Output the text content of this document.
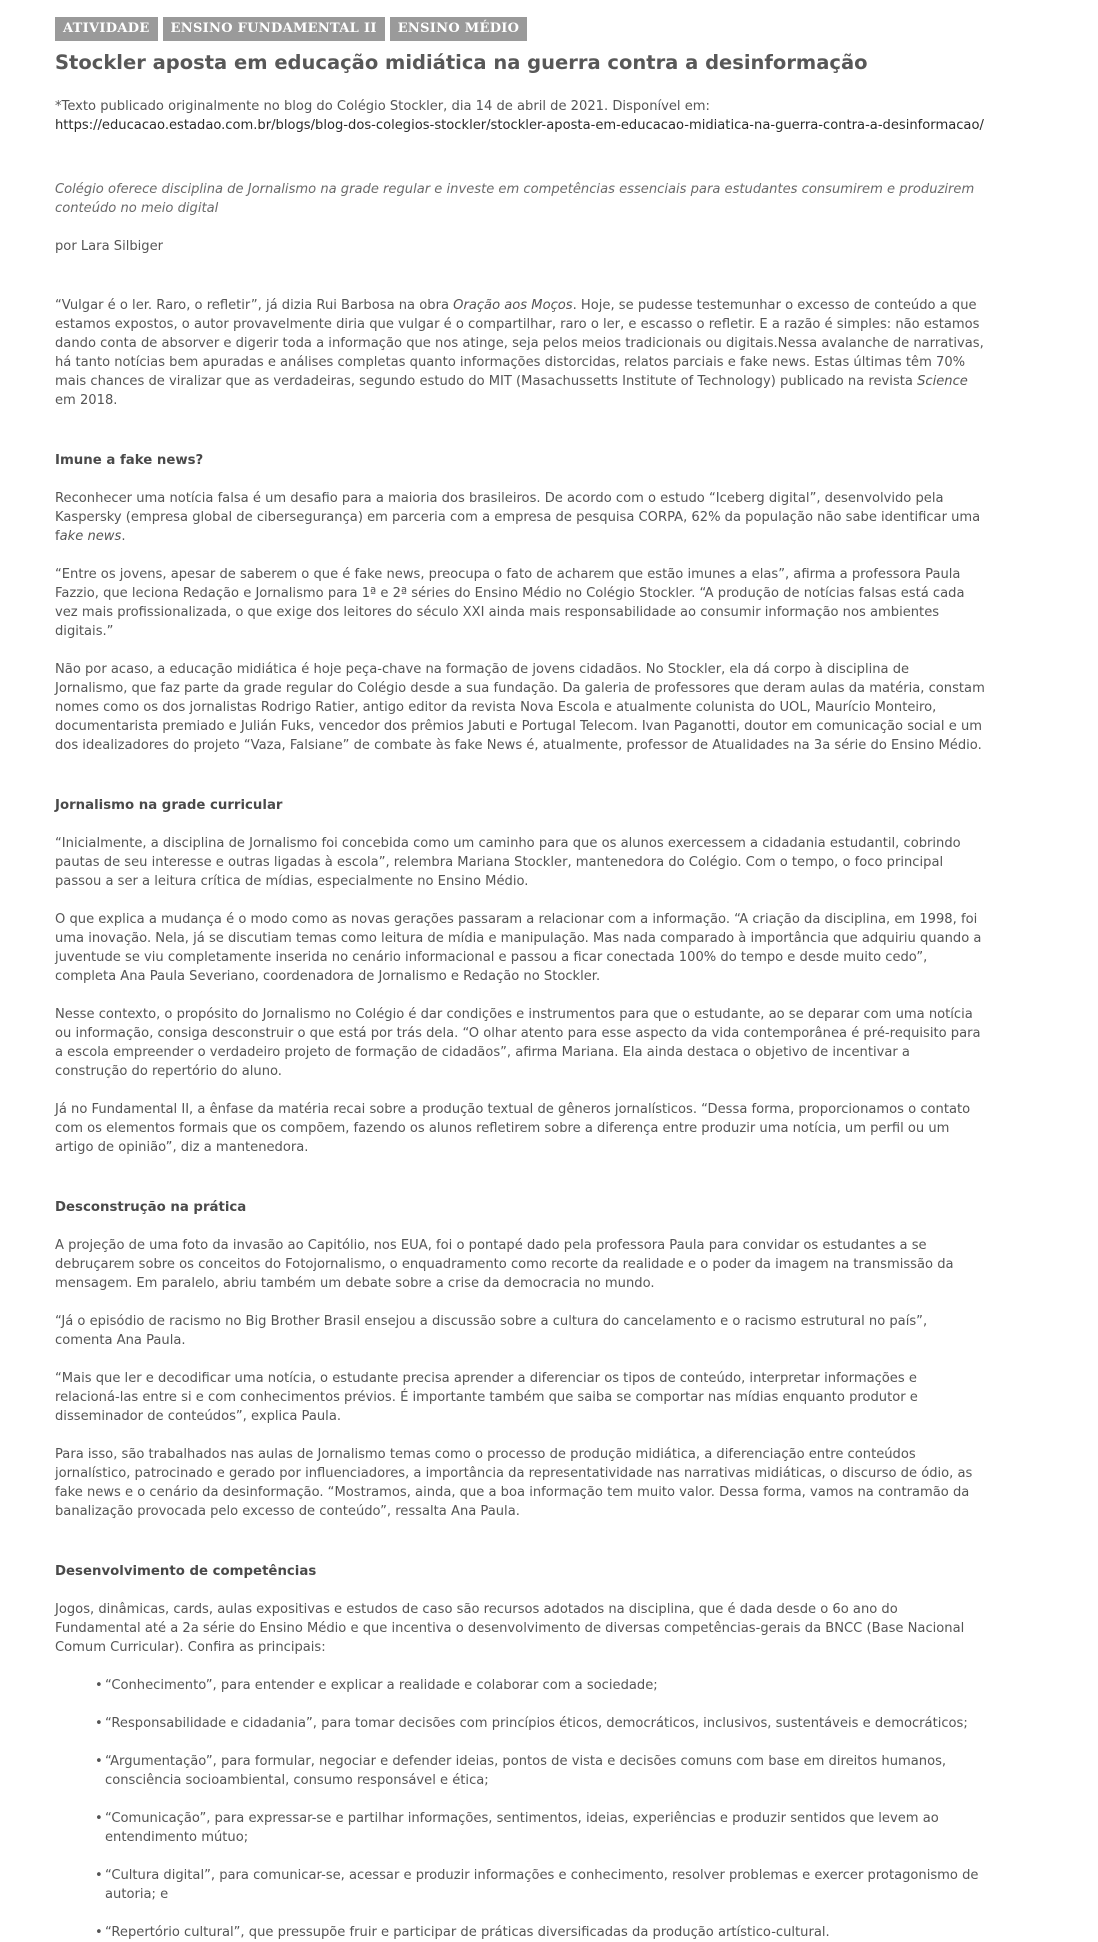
ATIVIDADE	ENSINO FUNDAMENTAL II	ENSINO MÉDIO
Stockler aposta em educação midiática na guerra contra a desinformação

*Texto publicado originalmente no blog do Colégio Stockler, dia 14 de abril de 2021. Disponível em: https://educacao.estadao.com.br/blogs/blog-dos-colegios-stockler/stockler-aposta-em-educacao-midiatica-na-guerra-contra-a-desinformacao/

Colégio oferece disciplina de Jornalismo na grade regular e investe em competências essenciais para estudantes consumirem e produzirem conteúdo no meio digital

por Lara Silbiger

“Vulgar é o ler. Raro, o refletir”, já dizia Rui Barbosa na obra Oração aos Moços. Hoje, se pudesse testemunhar o excesso de conteúdo a que estamos expostos, o autor provavelmente diria que vulgar é o compartilhar, raro o ler, e escasso o refletir. E a razão é simples: não estamos dando conta de absorver e digerir toda a informação que nos atinge, seja pelos meios tradicionais ou digitais.Nessa avalanche de narrativas, há tanto notícias bem apuradas e análises completas quanto informações distorcidas, relatos parciais e fake news. Estas últimas têm 70% mais chances de viralizar que as verdadeiras, segundo estudo do MIT (Masachussetts Institute of Technology) publicado na revista Science em 2018.

Imune a fake news?

Reconhecer uma notícia falsa é um desafio para a maioria dos brasileiros. De acordo com o estudo “Iceberg digital”, desenvolvido pela Kaspersky (empresa global de cibersegurança) em parceria com a empresa de pesquisa CORPA, 62% da população não sabe identificar uma fake news.

“Entre os jovens, apesar de saberem o que é fake news, preocupa o fato de acharem que estão imunes a elas”, afirma a professora Paula Fazzio, que leciona Redação e Jornalismo para 1ª e 2ª séries do Ensino Médio no Colégio Stockler. “A produção de notícias falsas está cada vez mais profissionalizada, o que exige dos leitores do século XXI ainda mais responsabilidade ao consumir informação nos ambientes digitais.”

Não por acaso, a educação midiática é hoje peça-chave na formação de jovens cidadãos. No Stockler, ela dá corpo à disciplina de Jornalismo, que faz parte da grade regular do Colégio desde a sua fundação. Da galeria de professores que deram aulas da matéria, constam nomes como os dos jornalistas Rodrigo Ratier, antigo editor da revista Nova Escola e atualmente colunista do UOL, Maurício Monteiro, documentarista premiado e Julián Fuks, vencedor dos prêmios Jabuti e Portugal Telecom. Ivan Paganotti, doutor em comunicação social e um dos idealizadores do projeto “Vaza, Falsiane” de combate às fake News é, atualmente, professor de Atualidades na 3a série do Ensino Médio.

Jornalismo na grade curricular

“Inicialmente, a disciplina de Jornalismo foi concebida como um caminho para que os alunos exercessem a cidadania estudantil, cobrindo pautas de seu interesse e outras ligadas à escola”, relembra Mariana Stockler, mantenedora do Colégio. Com o tempo, o foco principal passou a ser a leitura crítica de mídias, especialmente no Ensino Médio.

O que explica a mudança é o modo como as novas gerações passaram a relacionar com a informação. “A criação da disciplina, em 1998, foi uma inovação. Nela, já se discutiam temas como leitura de mídia e manipulação. Mas nada comparado à importância que adquiriu quando a juventude se viu completamente inserida no cenário informacional e passou a ficar conectada 100% do tempo e desde muito cedo”, completa Ana Paula Severiano, coordenadora de Jornalismo e Redação no Stockler.

Nesse contexto, o propósito do Jornalismo no Colégio é dar condições e instrumentos para que o estudante, ao se deparar com uma notícia ou informação, consiga desconstruir o que está por trás dela. “O olhar atento para esse aspecto da vida contemporânea é pré-requisito para a escola empreender o verdadeiro projeto de formação de cidadãos”, afirma Mariana. Ela ainda destaca o objetivo de incentivar a construção do repertório do aluno.

Já no Fundamental II, a ênfase da matéria recai sobre a produção textual de gêneros jornalísticos. “Dessa forma, proporcionamos o contato com os elementos formais que os compõem, fazendo os alunos refletirem sobre a diferença entre produzir uma notícia, um perfil ou um artigo de opinião”, diz a mantenedora.

Desconstrução na prática

A projeção de uma foto da invasão ao Capitólio, nos EUA, foi o pontapé dado pela professora Paula para convidar os estudantes a se debruçarem sobre os conceitos do Fotojornalismo, o enquadramento como recorte da realidade e o poder da imagem na transmissão da mensagem. Em paralelo, abriu também um debate sobre a crise da democracia no mundo.

“Já o episódio de racismo no Big Brother Brasil ensejou a discussão sobre a cultura do cancelamento e o racismo estrutural no país”, comenta Ana Paula.

“Mais que ler e decodificar uma notícia, o estudante precisa aprender a diferenciar os tipos de conteúdo, interpretar informações e relacioná-las entre si e com conhecimentos prévios. É importante também que saiba se comportar nas mídias enquanto produtor e disseminador de conteúdos”, explica Paula.

Para isso, são trabalhados nas aulas de Jornalismo temas como o processo de produção midiática, a diferenciação entre conteúdos jornalístico, patrocinado e gerado por influenciadores, a importância da representatividade nas narrativas midiáticas, o discurso de ódio, as fake news e o cenário da desinformação. “Mostramos, ainda, que a boa informação tem muito valor. Dessa forma, vamos na contramão da banalização provocada pelo excesso de conteúdo”, ressalta Ana Paula.

Desenvolvimento de competências

Jogos, dinâmicas, cards, aulas expositivas e estudos de caso são recursos adotados na disciplina, que é dada desde o 6o ano do Fundamental até a 2a série do Ensino Médio e que incentiva o desenvolvimento de diversas competências-gerais da BNCC (Base Nacional Comum Curricular). Confira as principais:

• “Conhecimento”, para entender e explicar a realidade e colaborar com a sociedade;
• “Responsabilidade e cidadania”, para tomar decisões com princípios éticos, democráticos, inclusivos, sustentáveis e democráticos;
• “Argumentação”, para formular, negociar e defender ideias, pontos de vista e decisões comuns com base em direitos humanos, consciência socioambiental, consumo responsável e ética;
• “Comunicação”, para expressar-se e partilhar informações, sentimentos, ideias, experiências e produzir sentidos que levem ao entendimento mútuo;
• “Cultura digital”, para comunicar-se, acessar e produzir informações e conhecimento, resolver problemas e exercer protagonismo de autoria; e
• “Repertório cultural”, que pressupõe fruir e participar de práticas diversificadas da produção artístico-cultural.
